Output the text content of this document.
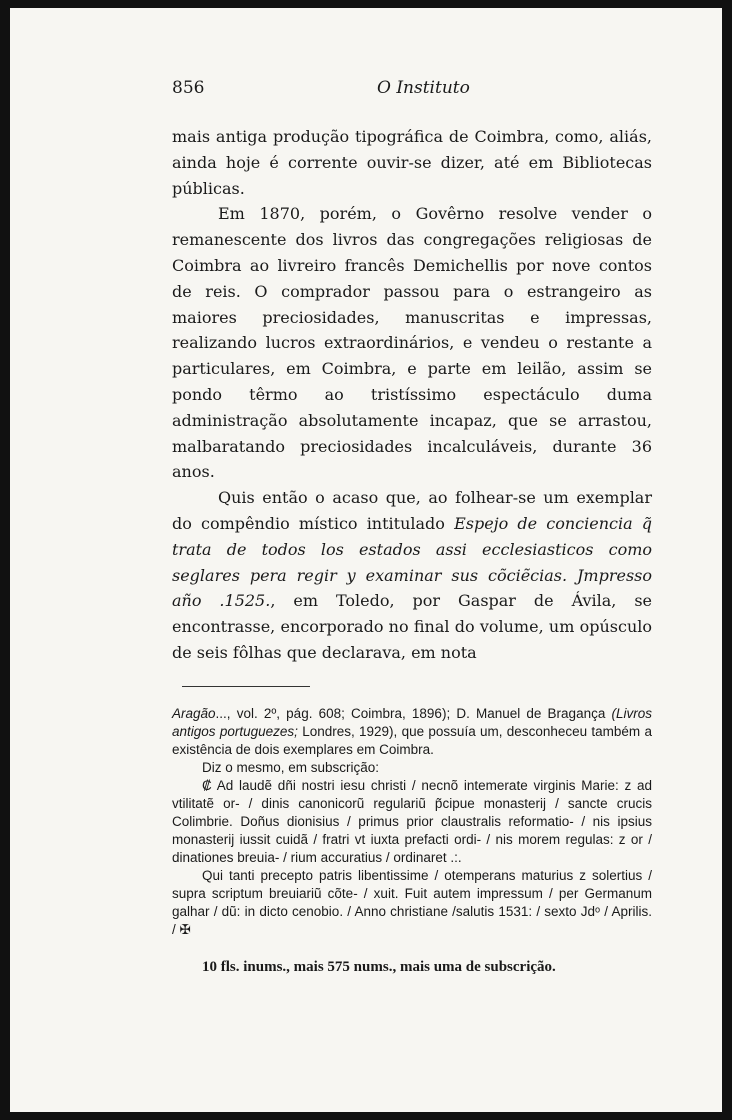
856	O Instituto

mais antiga produção tipográfica de Coimbra, como, aliás, ainda hoje é corrente ouvir-se dizer, até em Bibliotecas públicas.

Em 1870, porém, o Govêrno resolve vender o remanescente dos livros das congregações religiosas de Coimbra ao livreiro francês Demichellis por nove contos de reis. O comprador passou para o estrangeiro as maiores preciosidades, manuscritas e impressas, realizando lucros extraordinários, e vendeu o restante a particulares, em Coimbra, e parte em leilão, assim se pondo têrmo ao tristíssimo espectáculo duma administração absolutamente incapaz, que se arrastou, malbaratando preciosidades incalculáveis, durante 36 anos.

Quis então o acaso que, ao folhear-se um exemplar do compêndio místico intitulado Espejo de conciencia q̃ trata de todos los estados assi ecclesiasticos como seglares pera regir y examinar sus cõciẽcias. Jmpresso año .1525., em Toledo, por Gaspar de Ávila, se encontrasse, encorporado no final do volume, um opúsculo de seis fôlhas que declarava, em nota

Aragão..., vol. 2º, pág. 608; Coimbra, 1896); D. Manuel de Bragança (Livros antigos portuguezes; Londres, 1929), que possuía um, desconheceu também a existência de dois exemplares em Coimbra.

Diz o mesmo, em subscrição:

₡ Ad laudẽ dñi nostri iesu christi / necnõ intemerate virginis Marie: z ad vtilitatẽ or- / dinis canonicorũ regulariũ p̃cipue monasterij / sancte crucis Colimbrie. Doñus dionisius / primus prior claustralis reformatio- / nis ipsius monasterij iussit cuidã / fratri vt iuxta prefacti ordi- / nis morem regulas: z or / dinationes breuia- / rium accuratius / ordinaret .:.

Qui tanti precepto patris libentissime / otemperans maturius z solertius / supra scriptum breuiariũ cõte- / xuit. Fuit autem impressum / per Germanum galhar / dũ: in dicto cenobio. / Anno christiane /salutis 1531: / sexto Jdᵒ / Aprilis. / ✠

10 fls. inums., mais 575 nums., mais uma de subscrição.
